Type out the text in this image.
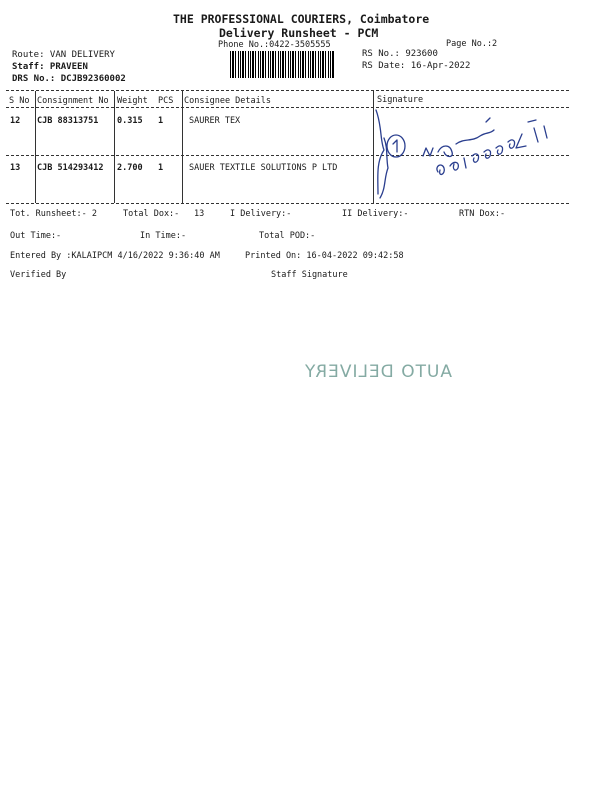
THE PROFESSIONAL COURIERS, Coimbatore
Delivery Runsheet - PCM
Phone No.:0422-3505555	Page No.:2
Route: VAN DELIVERY
Staff: PRAVEEN
DRS No.: DCJB92360002
RS No.: 923600
RS Date: 16-Apr-2022
S No Consignment No Weight PCS Consignee Details	Signature
12 CJB 88313751 0.315 1	SAURER TEX
13 CJB 514293412 2.700 1	SAUER TEXTILE SOLUTIONS P LTD
Tot. Runsheet:- 2	Total Dox:- 13	I Delivery:-	II Delivery:-	RTN Dox:-
Out Time:-	In Time:-	Total POD:-
Entered By :KALAIPCM 4/16/2022 9:36:40 AM	Printed On: 16-04-2022 09:42:58
Verified By	Staff Signature
AUTO DELIVERY
